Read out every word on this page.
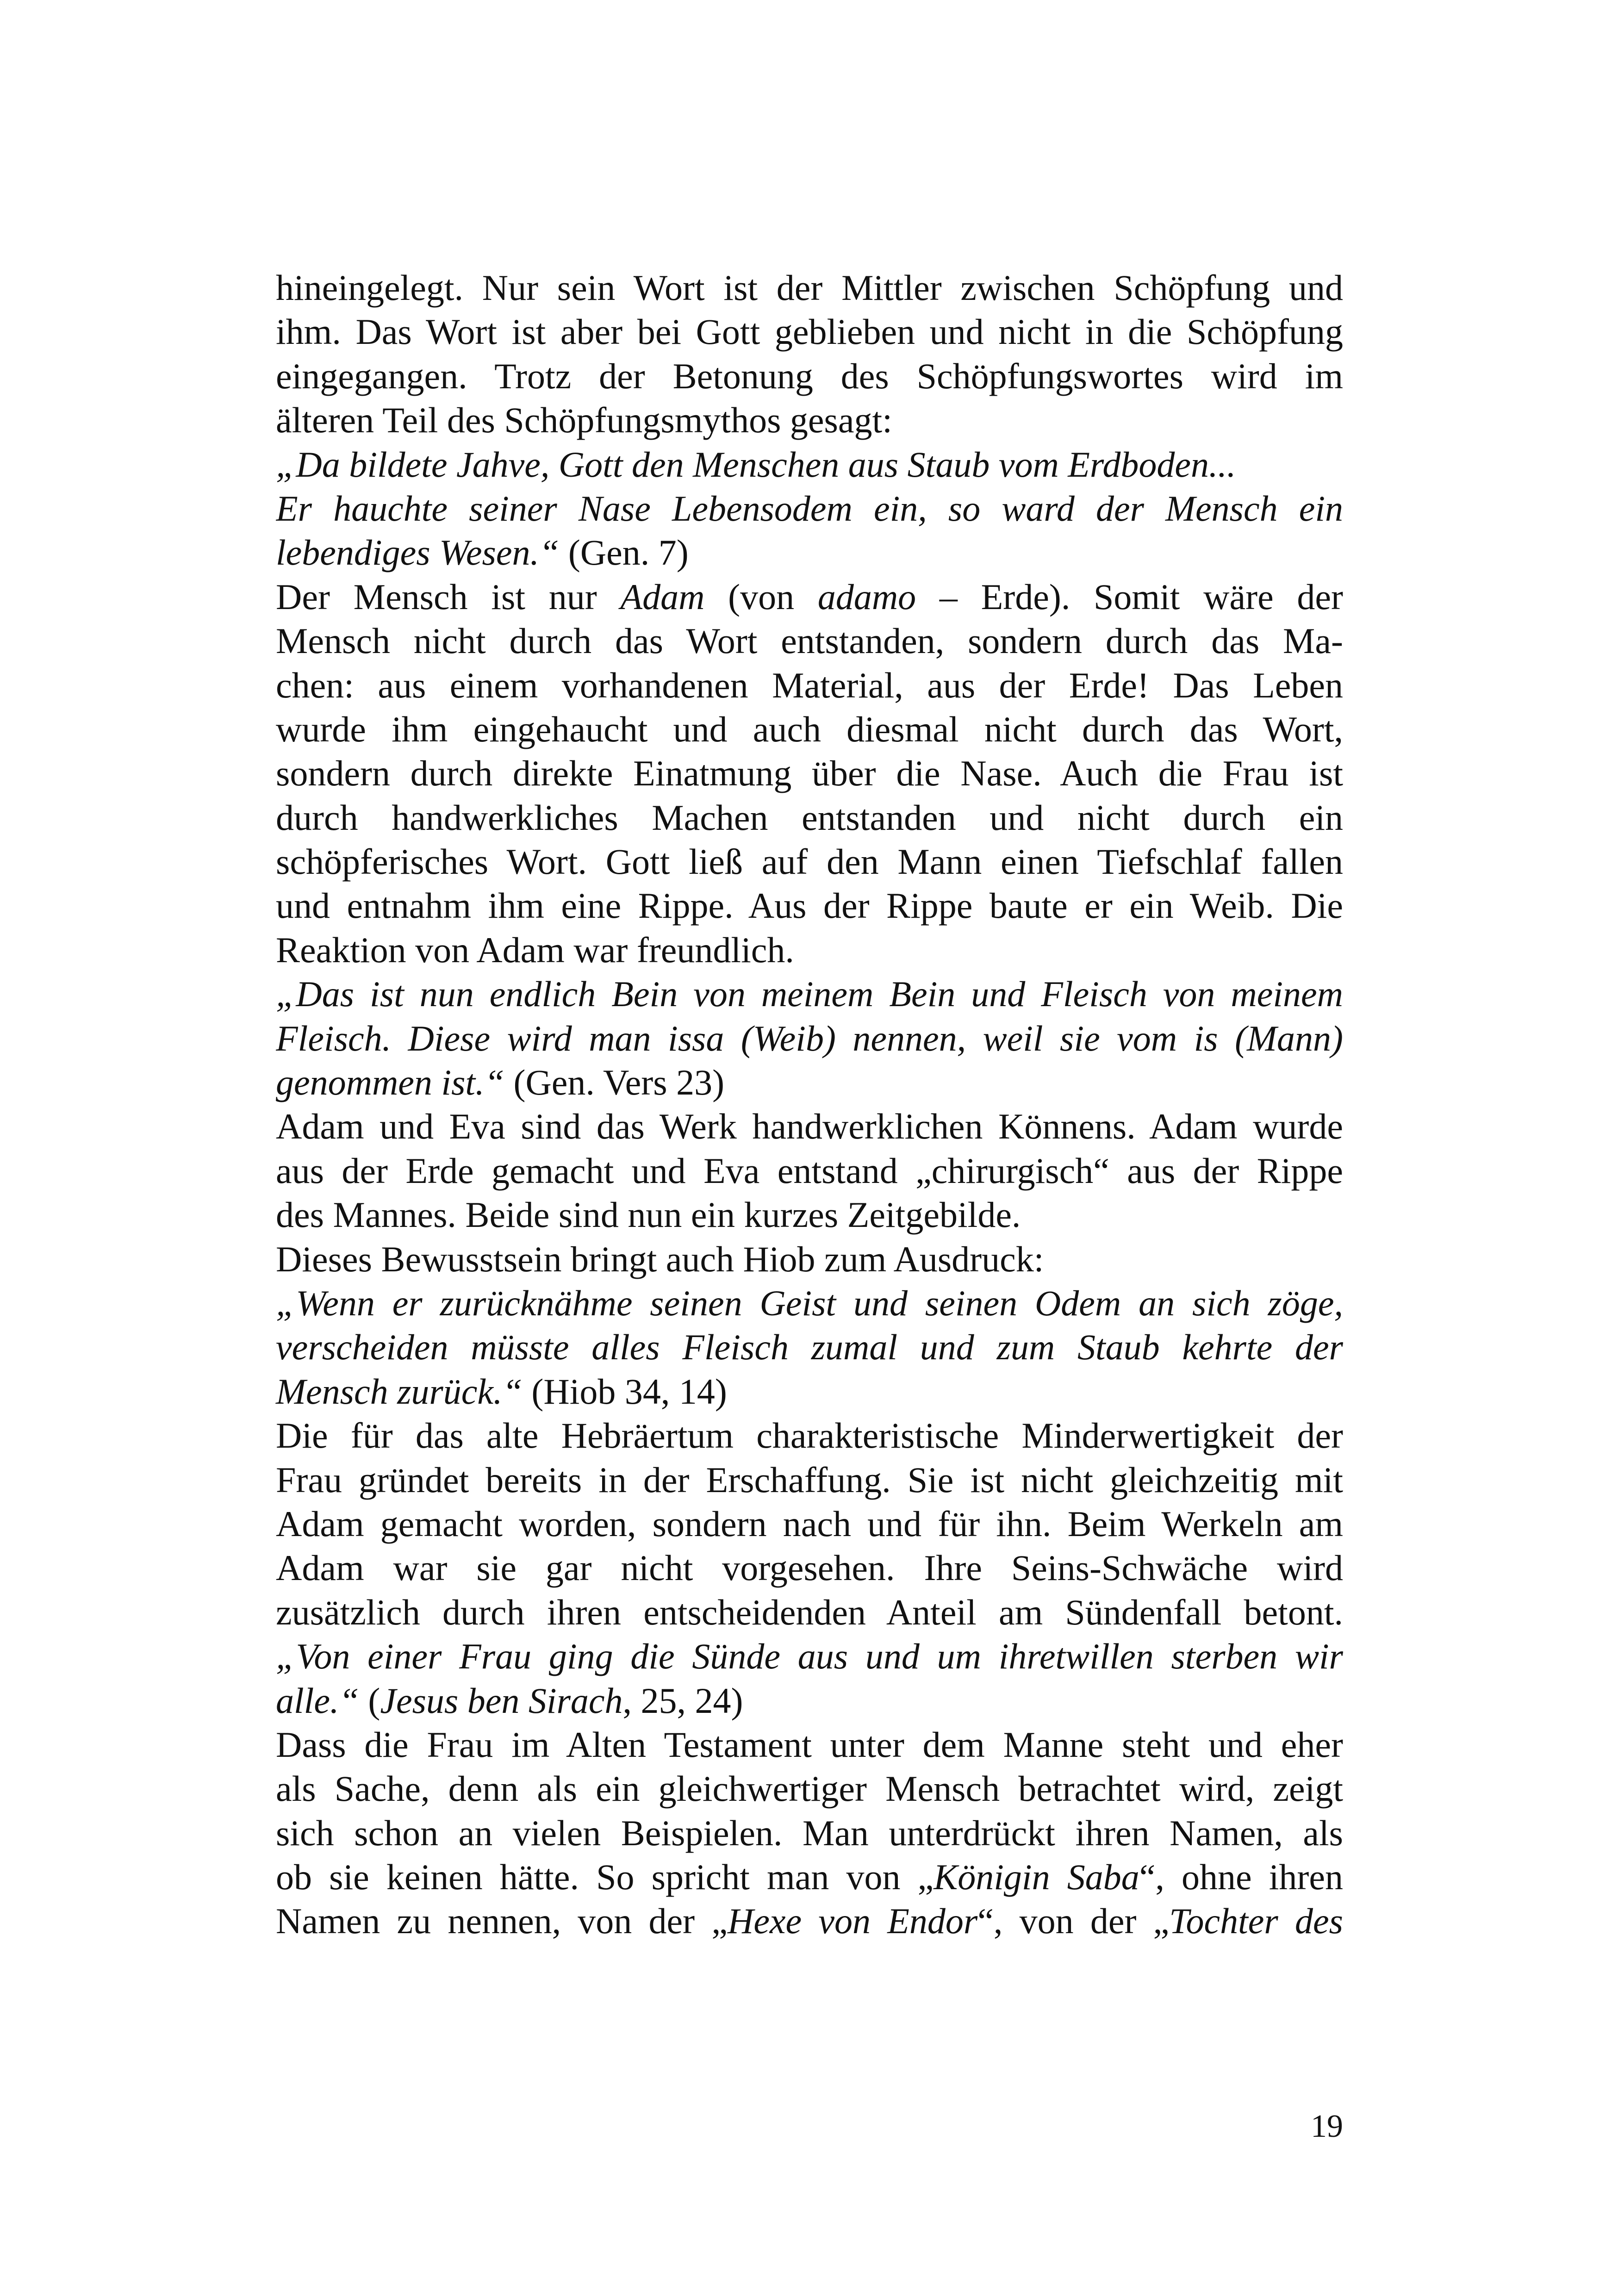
hineingelegt. Nur sein Wort ist der Mittler zwischen Schöpfung und
ihm. Das Wort ist aber bei Gott geblieben und nicht in die Schöpfung
eingegangen. Trotz der Betonung des Schöpfungswortes wird im
älteren Teil des Schöpfungsmythos gesagt:
„Da bildete Jahve, Gott den Menschen aus Staub vom Erdboden...
Er hauchte seiner Nase Lebensodem ein, so ward der Mensch ein
lebendiges Wesen.“ (Gen. 7)
Der Mensch ist nur Adam (von adamo – Erde). Somit wäre der
Mensch nicht durch das Wort entstanden, sondern durch das Ma-
chen: aus einem vorhandenen Material, aus der Erde! Das Leben
wurde ihm eingehaucht und auch diesmal nicht durch das Wort,
sondern durch direkte Einatmung über die Nase. Auch die Frau ist
durch handwerkliches Machen entstanden und nicht durch ein
schöpferisches Wort. Gott ließ auf den Mann einen Tiefschlaf fallen
und entnahm ihm eine Rippe. Aus der Rippe baute er ein Weib. Die
Reaktion von Adam war freundlich.
„Das ist nun endlich Bein von meinem Bein und Fleisch von meinem
Fleisch. Diese wird man issa (Weib) nennen, weil sie vom is (Mann)
genommen ist.“ (Gen. Vers 23)
Adam und Eva sind das Werk handwerklichen Könnens. Adam wurde
aus der Erde gemacht und Eva entstand „chirurgisch“ aus der Rippe
des Mannes. Beide sind nun ein kurzes Zeitgebilde.
Dieses Bewusstsein bringt auch Hiob zum Ausdruck:
„Wenn er zurücknähme seinen Geist und seinen Odem an sich zöge,
verscheiden müsste alles Fleisch zumal und zum Staub kehrte der
Mensch zurück.“ (Hiob 34, 14)
Die für das alte Hebräertum charakteristische Minderwertigkeit der
Frau gründet bereits in der Erschaffung. Sie ist nicht gleichzeitig mit
Adam gemacht worden, sondern nach und für ihn. Beim Werkeln am
Adam war sie gar nicht vorgesehen. Ihre Seins-Schwäche wird
zusätzlich durch ihren entscheidenden Anteil am Sündenfall betont.
„Von einer Frau ging die Sünde aus und um ihretwillen sterben wir
alle.“ (Jesus ben Sirach, 25, 24)
Dass die Frau im Alten Testament unter dem Manne steht und eher
als Sache, denn als ein gleichwertiger Mensch betrachtet wird, zeigt
sich schon an vielen Beispielen. Man unterdrückt ihren Namen, als
ob sie keinen hätte. So spricht man von „Königin Saba“, ohne ihren
Namen zu nennen, von der „Hexe von Endor“, von der „Tochter des
19
